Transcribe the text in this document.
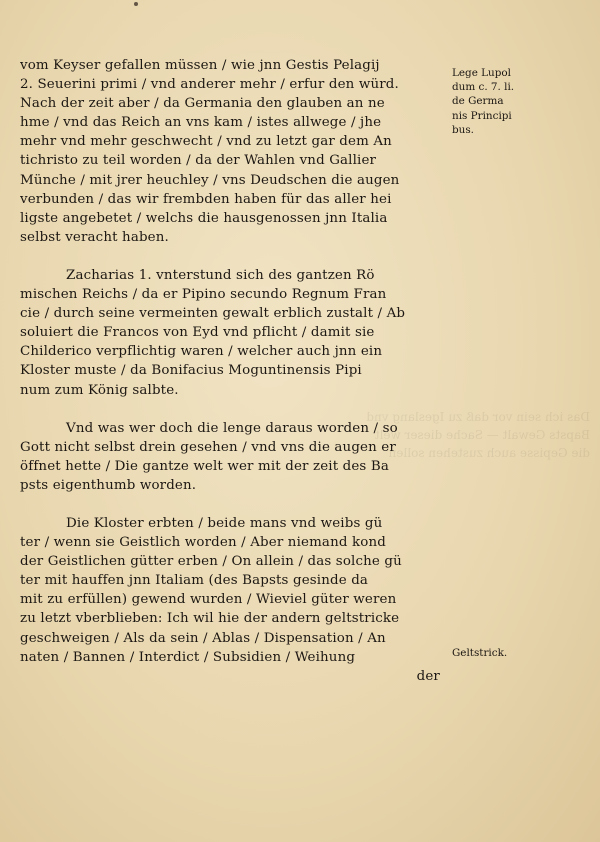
Das ich sein vor daß zu Igeslang vnd
Bapsts Gewalt — Sache dieser welt
die Gepisse auch zustehen sollen
vom Keyser gefallen müssen / wie jnn Gestis Pelagij
2. Seuerini primi / vnd anderer mehr / erfur den würd.
Nach der zeit aber / da Germania den glauben an ne
hme / vnd das Reich an vns kam / istes allwege / jhe
mehr vnd mehr geschwecht / vnd zu letzt gar dem An
tichristo zu teil worden / da der Wahlen vnd Gallier
Münche / mit jrer heuchley / vns Deudschen die augen
verbunden / das wir frembden haben für das aller hei
ligste angebetet / welchs die hausgenossen jnn Italia
selbst veracht haben.
Zacharias 1. vnterstund sich des gantzen Rö
mischen Reichs / da er Pipino secundo Regnum Fran
cie / durch seine vermeinten gewalt erblich zustalt / Ab
soluiert die Francos von Eyd vnd pflicht / damit sie
Childerico verpflichtig waren / welcher auch jnn ein
Kloster muste / da Bonifacius Moguntinensis Pipi
num zum König salbte.
Vnd was wer doch die lenge daraus worden / so
Gott nicht selbst drein gesehen / vnd vns die augen er
öffnet hette / Die gantze welt wer mit der zeit des Ba
psts eigenthumb worden.
Die Kloster erbten / beide mans vnd weibs gü
ter / wenn sie Geistlich worden / Aber niemand kond
der Geistlichen gütter erben / On allein / das solche gü
ter mit hauffen jnn Italiam (des Bapsts gesinde da
mit zu erfüllen) gewend wurden / Wieviel güter weren
zu letzt vberblieben: Ich wil hie der andern geltstricke
geschweigen / Als da sein / Ablas / Dispensation / An
naten / Bannen / Interdict / Subsidien / Weihung
der
Lege Lupol
dum c. 7. li.
de Germa
nis Principi
bus.
Geltstrick.
